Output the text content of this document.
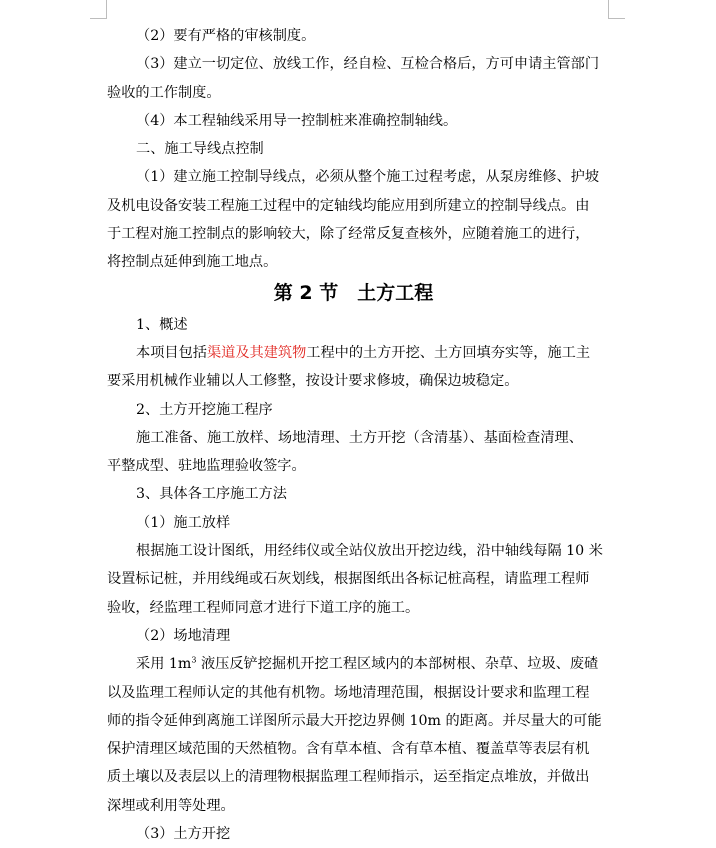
（2）要有严格的审核制度。

（3）建立一切定位、放线工作，经自检、互检合格后，方可申请主管部门

验收的工作制度。

（4）本工程轴线采用导一控制桩来准确控制轴线。

二、施工导线点控制

（1）建立施工控制导线点，必须从整个施工过程考虑，从泵房维修、护坡

及机电设备安装工程施工过程中的定轴线均能应用到所建立的控制导线点。由

于工程对施工控制点的影响较大，除了经常反复查核外，应随着施工的进行，

将控制点延伸到施工地点。

第 2 节　土方工程

1、概述

本项目包括渠道及其建筑物工程中的土方开挖、土方回填夯实等，施工主

要采用机械作业辅以人工修整，按设计要求修坡，确保边坡稳定。

2、土方开挖施工程序

施工准备、施工放样、场地清理、土方开挖（含清基）、基面检查清理、

平整成型、驻地监理验收签字。

3、具体各工序施工方法

（1）施工放样

根据施工设计图纸，用经纬仪或全站仪放出开挖边线，沿中轴线每隔 10 米

设置标记桩，并用线绳或石灰划线，根据图纸出各标记桩高程，请监理工程师

验收，经监理工程师同意才进行下道工序的施工。

（2）场地清理

采用 $1m^3$ 液压反铲挖掘机开挖工程区域内的本部树根、杂草、垃圾、废碴

以及监理工程师认定的其他有机物。场地清理范围，根据设计要求和监理工程

师的指令延伸到离施工详图所示最大开挖边界侧 10m 的距离。并尽量大的可能

保护清理区域范围的天然植物。含有草本植、含有草本植、覆盖草等表层有机

质土壤以及表层以上的清理物根据监理工程师指示，运至指定点堆放，并做出

深埋或利用等处理。

（3）土方开挖
